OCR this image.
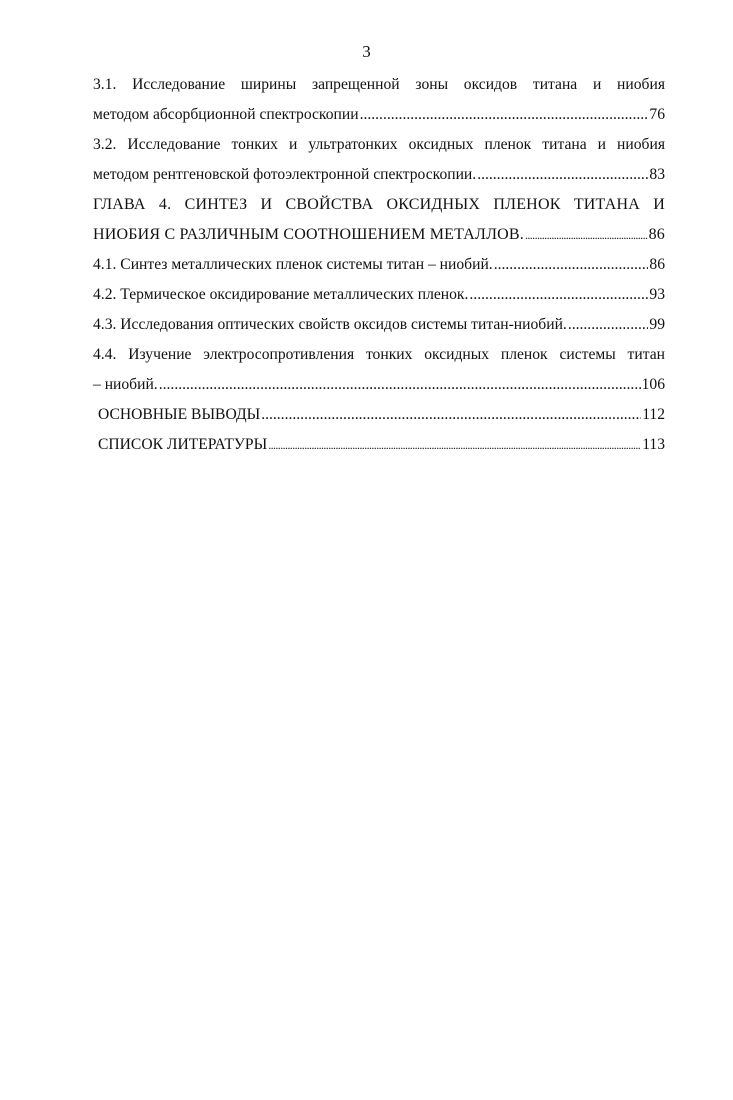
3
3.1. Исследование ширины запрещенной зоны оксидов титана и ниобия
методом абсорбционной спектроскопии .....	76
3.2. Исследование тонких и ультратонких оксидных пленок титана и ниобия
методом рентгеновской фотоэлектронной спектроскопии. .....	83
ГЛАВА 4. СИНТЕЗ И СВОЙСТВА ОКСИДНЫХ ПЛЕНОК ТИТАНА И
НИОБИЯ С РАЗЛИЧНЫМ СООТНОШЕНИЕМ МЕТАЛЛОВ. .....	86
4.1. Синтез металлических пленок системы титан – ниобий. .....	86
4.2. Термическое оксидирование металлических пленок. .....	93
4.3. Исследования оптических свойств оксидов системы титан-ниобий. .....	99
4.4. Изучение электросопротивления тонких оксидных пленок системы титан
– ниобий. .....	106
ОСНОВНЫЕ ВЫВОДЫ .....	112
СПИСОК ЛИТЕРАТУРЫ .....	113
